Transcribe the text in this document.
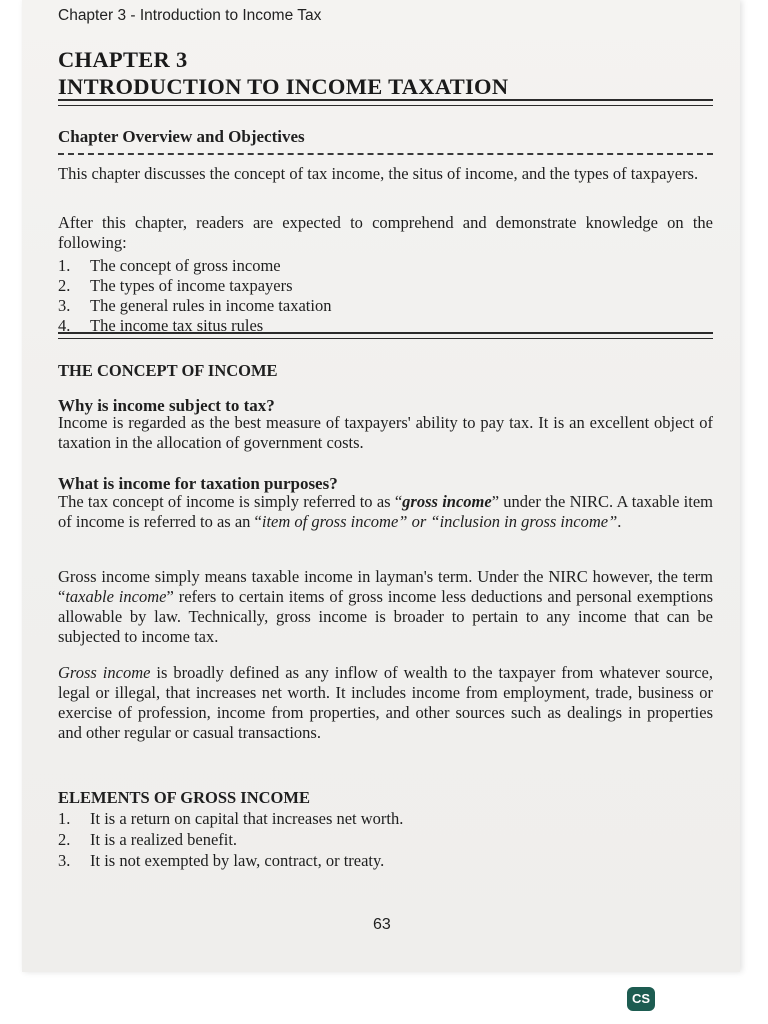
Chapter 3 - Introduction to Income Tax
CHAPTER 3
INTRODUCTION TO INCOME TAXATION
Chapter Overview and Objectives
This chapter discusses the concept of tax income, the situs of income, and the types of taxpayers.
After this chapter, readers are expected to comprehend and demonstrate knowledge on the following:
1. The concept of gross income
2. The types of income taxpayers
3. The general rules in income taxation
4. The income tax situs rules
THE CONCEPT OF INCOME
Why is income subject to tax?
Income is regarded as the best measure of taxpayers' ability to pay tax. It is an excellent object of taxation in the allocation of government costs.
What is income for taxation purposes?
The tax concept of income is simply referred to as “gross income” under the NIRC. A taxable item of income is referred to as an “item of gross income” or “inclusion in gross income”.
Gross income simply means taxable income in layman's term. Under the NIRC however, the term “taxable income” refers to certain items of gross income less deductions and personal exemptions allowable by law. Technically, gross income is broader to pertain to any income that can be subjected to income tax.
Gross income is broadly defined as any inflow of wealth to the taxpayer from whatever source, legal or illegal, that increases net worth. It includes income from employment, trade, business or exercise of profession, income from properties, and other sources such as dealings in properties and other regular or casual transactions.
ELEMENTS OF GROSS INCOME
1. It is a return on capital that increases net worth.
2. It is a realized benefit.
3. It is not exempted by law, contract, or treaty.
63
CS
